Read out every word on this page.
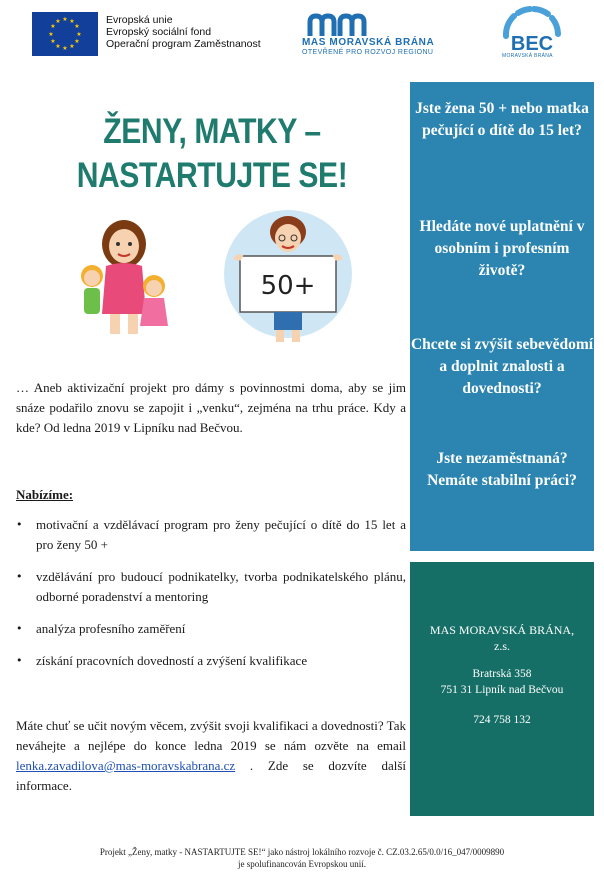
★ ★
★
★
★
★
★
★
★
★
★
★	Evropská unie
Evropský sociální fond
Operační program Zaměstnanost	MAS MORAVSKÁ BRÁNA
OTEVŘENÉ PRO ROZVOJ REGIONU	BEC
MORAVSKÁ BRÁNA
ŽENY, MATKY –
NASTARTUJTE SE!
50+
… Aneb aktivizační projekt pro dámy s povinnostmi doma, aby se jim snáze podařilo znovu se zapojit i „venku“, zejména na trhu práce. Kdy a kde? Od ledna 2019 v Lipníku nad Bečvou.
Nabízíme:
• motivační a vzdělávací program pro ženy pečující o dítě do 15 let a pro ženy 50 +
• vzdělávání pro budoucí podnikatelky, tvorba podnikatelského plánu, odborné poradenství a mentoring
• analýza profesního zaměření
• získání pracovních dovedností a zvýšení kvalifikace
Máte chuť se učit novým věcem, zvýšit svoji kvalifikaci a dovednosti? Tak neváhejte a nejlépe do konce ledna 2019 se nám ozvěte na email lenka.zavadilova@mas-moravskabrana.cz . Zde se dozvíte další informace.
Jste žena 50 + nebo matka pečující o dítě do 15 let?
Hledáte nové uplatnění v osobním i profesním životě?
Chcete si zvýšit sebevědomí a doplnit znalosti a dovednosti?
Jste nezaměstnaná? Nemáte stabilní práci?
MAS MORAVSKÁ BRÁNA,
z.s.
Bratrská 358
751 31 Lipník nad Bečvou
724 758 132
Projekt „Ženy, matky - NASTARTUJTE SE!“ jako nástroj lokálního rozvoje č. CZ.03.2.65/0.0/16_047/0009890
je spolufinancován Evropskou unií.
